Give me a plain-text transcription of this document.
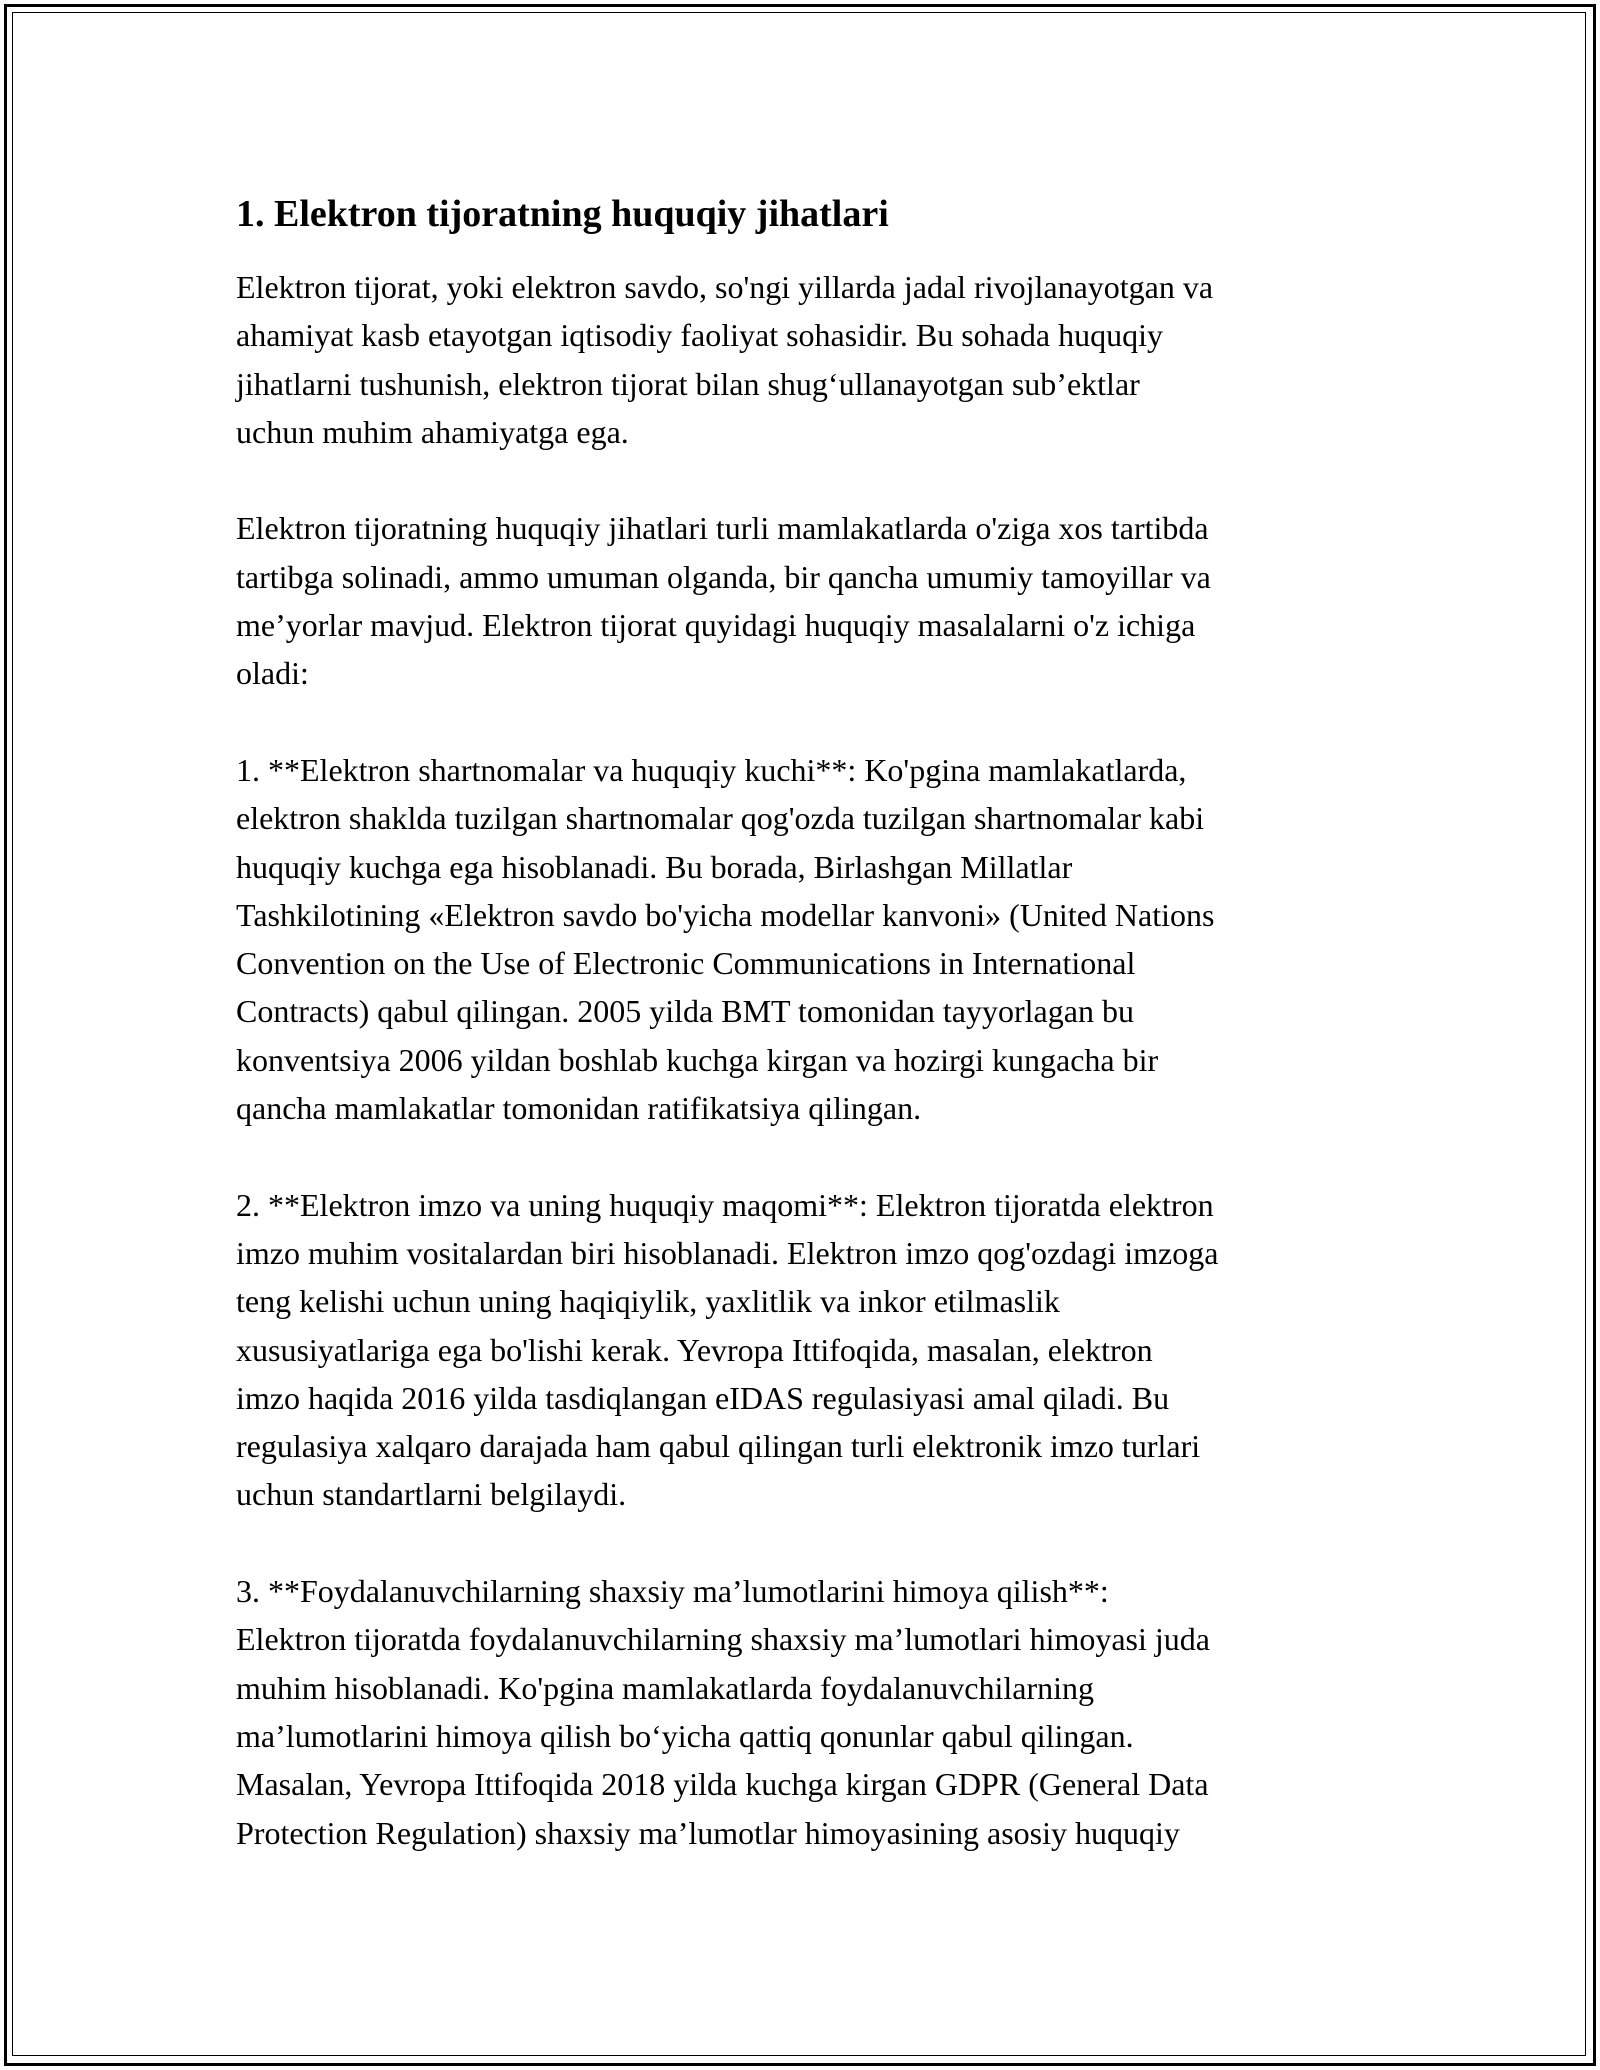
1. Elektron tijoratning huquqiy jihatlari

Elektron tijorat, yoki elektron savdo, so'ngi yillarda jadal rivojlanayotgan va
ahamiyat kasb etayotgan iqtisodiy faoliyat sohasidir. Bu sohada huquqiy
jihatlarni tushunish, elektron tijorat bilan shug‘ullanayotgan sub’ektlar
uchun muhim ahamiyatga ega.

Elektron tijoratning huquqiy jihatlari turli mamlakatlarda o'ziga xos tartibda
tartibga solinadi, ammo umuman olganda, bir qancha umumiy tamoyillar va
me’yorlar mavjud. Elektron tijorat quyidagi huquqiy masalalarni o'z ichiga
oladi:

1. **Elektron shartnomalar va huquqiy kuchi**: Ko'pgina mamlakatlarda,
elektron shaklda tuzilgan shartnomalar qog'ozda tuzilgan shartnomalar kabi
huquqiy kuchga ega hisoblanadi. Bu borada, Birlashgan Millatlar
Tashkilotining «Elektron savdo bo'yicha modellar kanvoni» (United Nations
Convention on the Use of Electronic Communications in International
Contracts) qabul qilingan. 2005 yilda BMT tomonidan tayyorlagan bu
konventsiya 2006 yildan boshlab kuchga kirgan va hozirgi kungacha bir
qancha mamlakatlar tomonidan ratifikatsiya qilingan.

2. **Elektron imzo va uning huquqiy maqomi**: Elektron tijoratda elektron
imzo muhim vositalardan biri hisoblanadi. Elektron imzo qog'ozdagi imzoga
teng kelishi uchun uning haqiqiylik, yaxlitlik va inkor etilmaslik
xususiyatlariga ega bo'lishi kerak. Yevropa Ittifoqida, masalan, elektron
imzo haqida 2016 yilda tasdiqlangan eIDAS regulasiyasi amal qiladi. Bu
regulasiya xalqaro darajada ham qabul qilingan turli elektronik imzo turlari
uchun standartlarni belgilaydi.

3. **Foydalanuvchilarning shaxsiy ma’lumotlarini himoya qilish**:
Elektron tijoratda foydalanuvchilarning shaxsiy ma’lumotlari himoyasi juda
muhim hisoblanadi. Ko'pgina mamlakatlarda foydalanuvchilarning
ma’lumotlarini himoya qilish bo‘yicha qattiq qonunlar qabul qilingan.
Masalan, Yevropa Ittifoqida 2018 yilda kuchga kirgan GDPR (General Data
Protection Regulation) shaxsiy ma’lumotlar himoyasining asosiy huquqiy
